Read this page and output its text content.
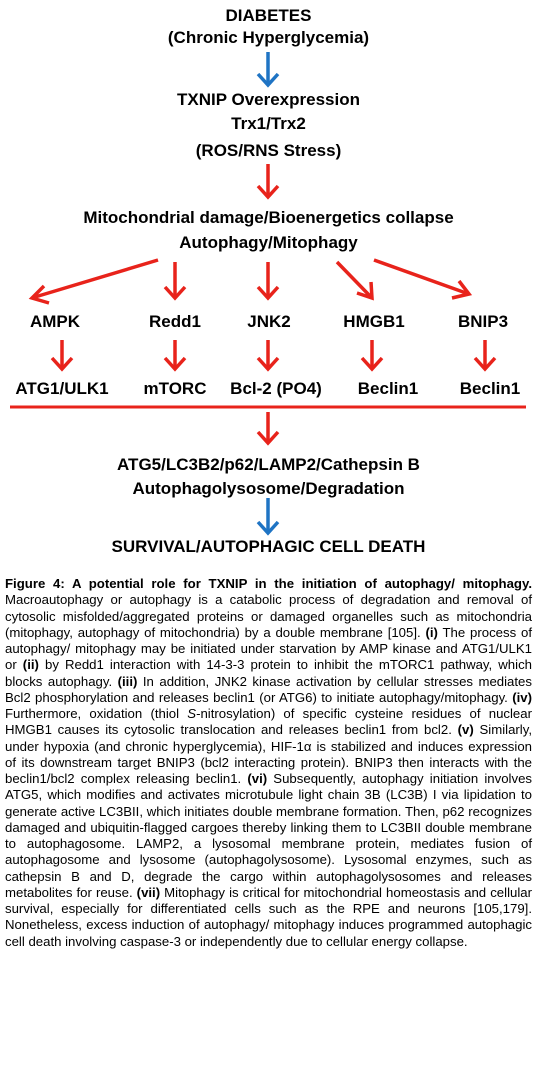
DIABETES
(Chronic Hyperglycemia)
TXNIP Overexpression
Trx1/Trx2
(ROS/RNS Stress)
Mitochondrial damage/Bioenergetics collapse
Autophagy/Mitophagy
AMPK	Redd1	JNK2	HMGB1	BNIP3
ATG1/ULK1 mTORC Bcl-2 (PO4) Beclin1 Beclin1
ATG5/LC3B2/p62/LAMP2/Cathepsin B
Autophagolysosome/Degradation
SURVIVAL/AUTOPHAGIC CELL DEATH

Figure 4: A potential role for TXNIP in the initiation of autophagy/ mitophagy. Macroautophagy or autophagy is a catabolic process of degradation and removal of cytosolic misfolded/aggregated proteins or damaged organelles such as mitochondria (mitophagy, autophagy of mitochondria) by a double membrane [105]. (i) The process of autophagy/ mitophagy may be initiated under starvation by AMP kinase and ATG1/ULK1 or (ii) by Redd1 interaction with 14-3-3 protein to inhibit the mTORC1 pathway, which blocks autophagy. (iii) In addition, JNK2 kinase activation by cellular stresses mediates Bcl2 phosphorylation and releases beclin1 (or ATG6) to initiate autophagy/mitophagy. (iv) Furthermore, oxidation (thiol S-nitrosylation) of specific cysteine residues of nuclear HMGB1 causes its cytosolic translocation and releases beclin1 from bcl2. (v) Similarly, under hypoxia (and chronic hyperglycemia), HIF-1α is stabilized and induces expression of its downstream target BNIP3 (bcl2 interacting protein). BNIP3 then interacts with the beclin1/bcl2 complex releasing beclin1. (vi) Subsequently, autophagy initiation involves ATG5, which modifies and activates microtubule light chain 3B (LC3B) I via lipidation to generate active LC3BII, which initiates double membrane formation. Then, p62 recognizes damaged and ubiquitin-flagged cargoes thereby linking them to LC3BII double membrane to autophagosome. LAMP2, a lysosomal membrane protein, mediates fusion of autophagosome and lysosome (autophagolysosome). Lysosomal enzymes, such as cathepsin B and D, degrade the cargo within autophagolysosomes and releases metabolites for reuse. (vii) Mitophagy is critical for mitochondrial homeostasis and cellular survival, especially for differentiated cells such as the RPE and neurons [105,179]. Nonetheless, excess induction of autophagy/ mitophagy induces programmed autophagic cell death involving caspase-3 or independently due to cellular energy collapse.
